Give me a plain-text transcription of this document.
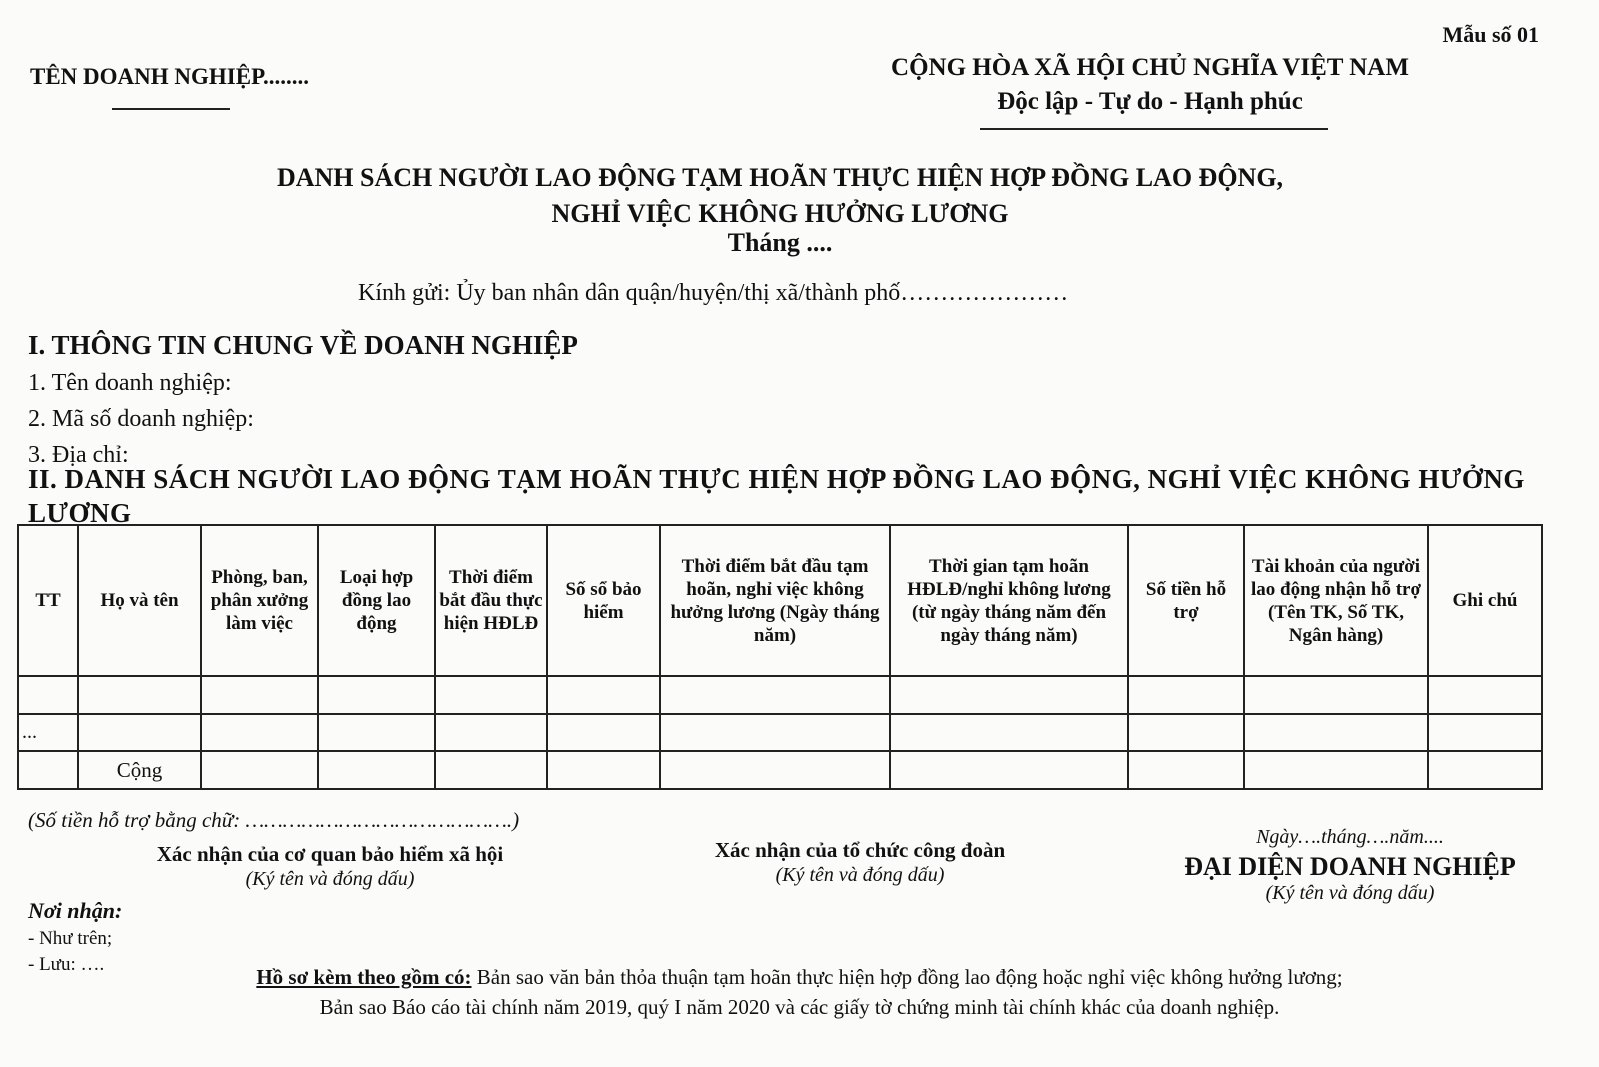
Mẫu số 01
TÊN DOANH NGHIỆP........	CỘNG HÒA XÃ HỘI CHỦ NGHĨA VIỆT NAM
Độc lập - Tự do - Hạnh phúc
DANH SÁCH NGƯỜI LAO ĐỘNG TẠM HOÃN THỰC HIỆN HỢP ĐỒNG LAO ĐỘNG,
NGHỈ VIỆC KHÔNG HƯỞNG LƯƠNG
Tháng ....
Kính gửi: Ủy ban nhân dân quận/huyện/thị xã/thành phố…………………
I. THÔNG TIN CHUNG VỀ DOANH NGHIỆP
1. Tên doanh nghiệp:
2. Mã số doanh nghiệp:
3. Địa chỉ:
II. DANH SÁCH NGƯỜI LAO ĐỘNG TẠM HOÃN THỰC HIỆN HỢP ĐỒNG LAO ĐỘNG, NGHỈ VIỆC KHÔNG HƯỞNG LƯƠNG
TT	Họ và tên	Phòng, ban, phân xưởng làm việc	Loại hợp đồng lao động	Thời điểm bắt đầu thực hiện HĐLĐ	Số sổ bảo hiểm	Thời điểm bắt đầu tạm hoãn, nghỉ việc không hưởng lương (Ngày tháng năm)	Thời gian tạm hoãn HĐLĐ/nghỉ không lương (từ ngày tháng năm đến ngày tháng năm)	Số tiền hỗ trợ	Tài khoản của người lao động nhận hỗ trợ (Tên TK, Số TK, Ngân hàng)	Ghi chú

...										
	Cộng									
(Số tiền hỗ trợ bằng chữ: …………………………………….)
Xác nhận của cơ quan bảo hiểm xã hội
(Ký tên và đóng dấu)
Xác nhận của tổ chức công đoàn
(Ký tên và đóng dấu)
Ngày….tháng….năm....
ĐẠI DIỆN DOANH NGHIỆP
(Ký tên và đóng dấu)
Nơi nhận:
- Như trên;
- Lưu: ….
Hồ sơ kèm theo gồm có: Bản sao văn bản thỏa thuận tạm hoãn thực hiện hợp đồng lao động hoặc nghỉ việc không hưởng lương;
Bản sao Báo cáo tài chính năm 2019, quý I năm 2020 và các giấy tờ chứng minh tài chính khác của doanh nghiệp.
